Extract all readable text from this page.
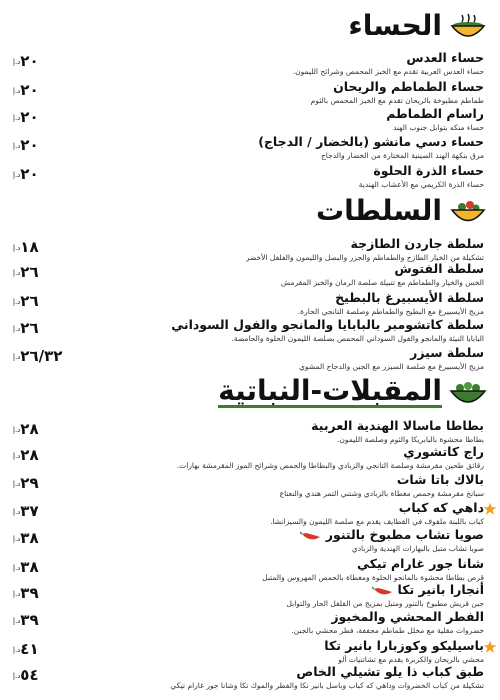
الحساء
حساء العدس
حساء العدس العربية تقدم مع الخبز المحمص وشرائح الليمون.
٢٠د.إ
حساء الطماطم والريحان
طماطم مطبوخة بالريحان تقدم مع الخبز المحمص بالثوم
٢٠د.إ
راسام الطماطم
حساء منكه بتوابل جنوب الهند
٢٠د.إ
حساء دسي مانشو (بالخضار / الدجاج)
مرق بنكهة الهند الصينية المختارة من الخضار والدجاج
٢٠د.إ
حساء الذرة الحلوة
حساء الذرة الكريمي مع الأعشاب الهندية
٢٠د.إ
السلطات
سلطة جاردن الطازجة
تشكيلة من الخيار الطازج والطماطم والجزر والبصل والليمون والفلفل الأخضر
١٨د.إ
سلطة الفتوش
الخس والخيار والطماطم مع تتبيلة صلصة الرمان والخبز المقرمش
٢٦د.إ
سلطة الأيسبيرغ بالبطيخ
مزيج الأيسبيرغ مع البطيخ والطماطم وصلصة التانجي الحارة.
٢٦د.إ
سلطة كاتشومبر بالبابايا والمانجو والفول السوداني
البابايا النيئة والمانجو والفول السوداني المحمص بصلصة الليمون الحلوة والحامضة.
٢٦د.إ
سلطة سيزر
مزيج الأيسبيرغ مع صلصة السيزر مع الجبن والدجاج المشوي
٢٦/٣٢د.إ
المقبلات-النباتية
بطاطا ماسالا الهندية العربية
بطاطا محشوة بالبابريكا والثوم وصلصة الليمون.
٢٨د.إ
راج كاتشوري
رقائق طحين مقرمشة وصلصة التانجي والزبادي والبطاطا والحمص وشرائح الموز المقرمشة بهارات.
٢٨د.إ
بالاك باتا شات
سبانخ مقرمشة وحمص مغطاة بالزبادي وشتني التمر هندي والنعناع
٢٩د.إ
داهي كه كباب
كباب باللبنة ملفوف في القطايف يقدم مع صلصة الليمون والسيزانشا.
٣٧د.إ
صويا تشاب مطبوخ بالتنور
صويا تشاب متبل بالبهارات الهندية والزبادي
٣٨د.إ
شانا جور غارام تيكي
قرص بطاطا محشوة بالمانجو الحلوة ومغطاة بالحمص المهروس والمتبل
٣٨د.إ
أنجارا بانير تكا
جبن قريش مطبوخ بالتنور ومتبل بمزيج من الفلفل الحار والتوابل
٣٩د.إ
الفطر المحشي والمخبوز
خضروات مقلية مع مخلل طماطم مجففة، فطر محشي بالجبن.
٣٩د.إ
باسيليكو وكوزبارا بانير تكا
محشي بالريحان والكزبرة يقدم مع تشاتنيات ألو
٤١د.إ
طبق كباب ذا يلو تشيلي الخاص
تشكيلة من كباب الخضروات وداهي كه كباب وباسل بانير تكا والفطر والموك تكا وشانا جور غارام تيكي
٥٤د.إ
